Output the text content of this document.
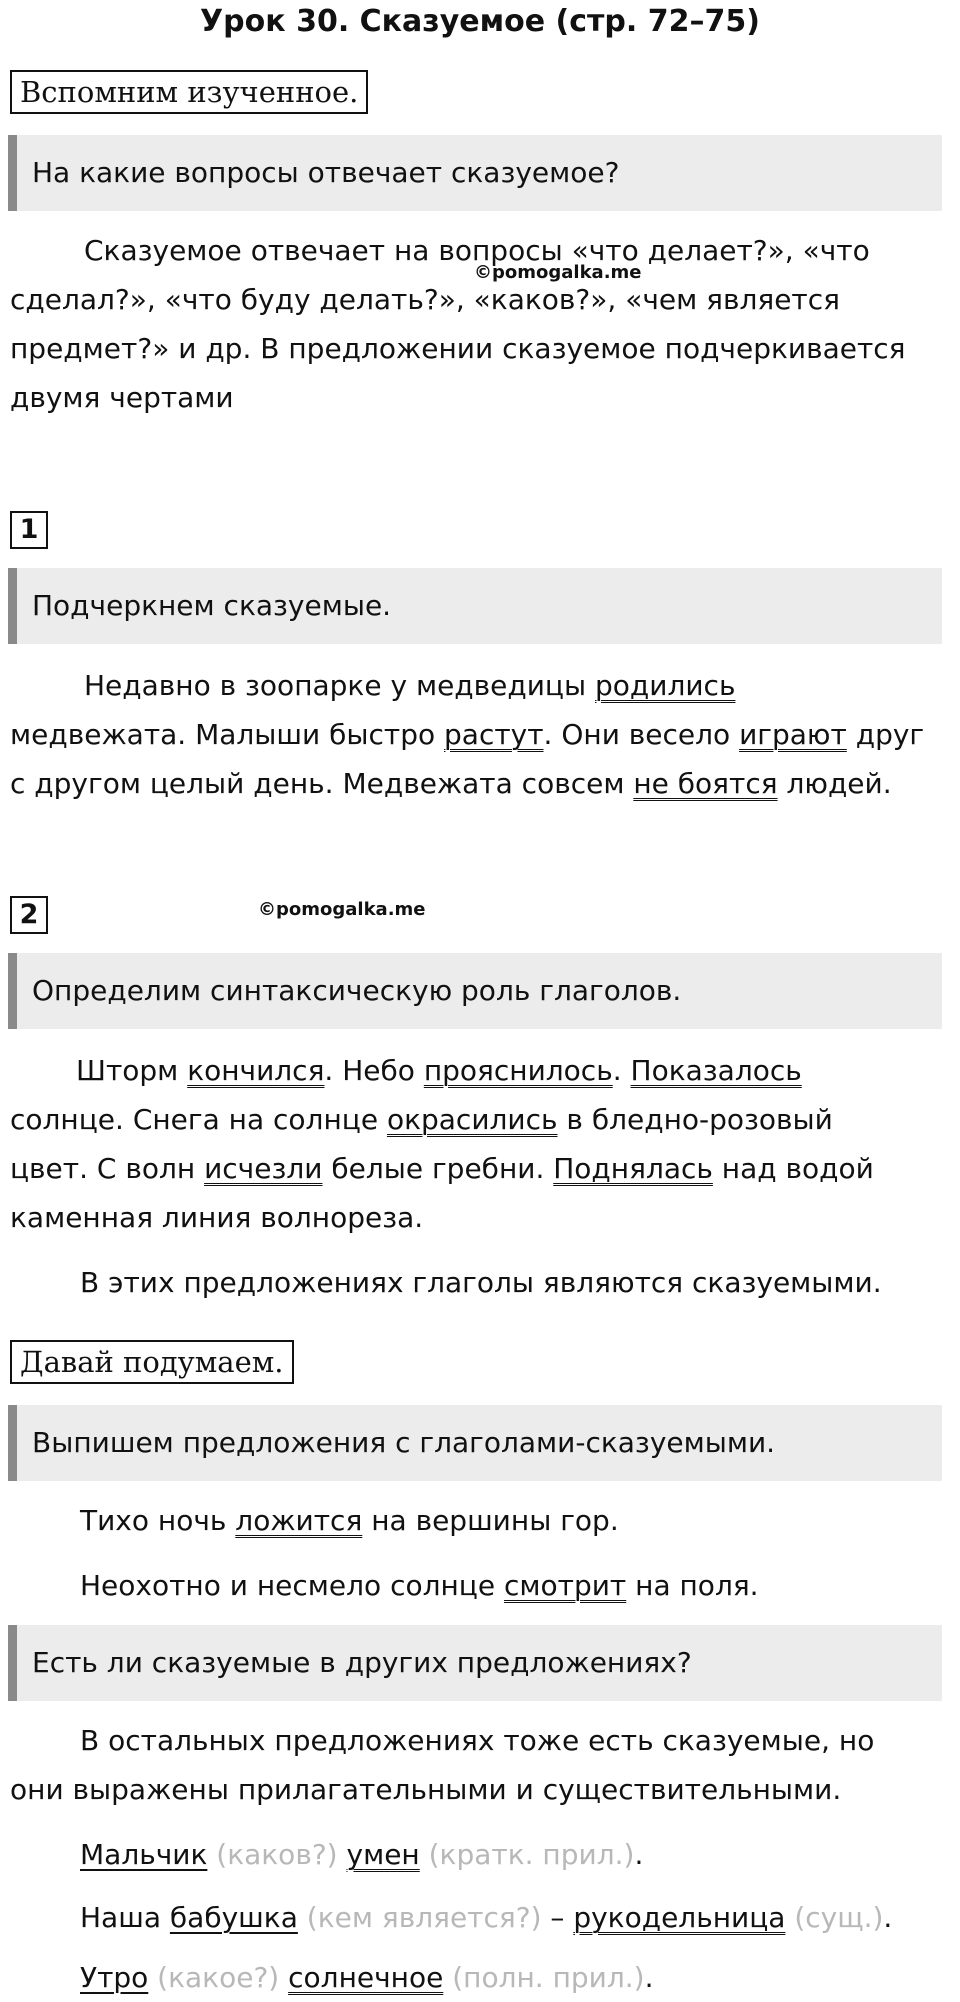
Урок 30. Сказуемое (стр. 72–75)
Вспомним изученное.
На какие вопросы отвечает сказуемое?
©pomogalka.me
Сказуемое отвечает на вопросы «что делает?», «что
сделал?», «что буду делать?», «каков?», «чем является
предмет?» и др. В предложении сказуемое подчеркивается
двумя чертами
1
Подчеркнем сказуемые.
Недавно в зоопарке у медведицы родились
медвежата. Малыши быстро растут. Они весело играют друг
с другом целый день. Медвежата совсем не боятся людей.
2	©pomogalka.me
Определим синтаксическую роль глаголов.
Шторм кончился. Небо прояснилось. Показалось
солнце. Снега на солнце окрасились в бледно-розовый
цвет. С волн исчезли белые гребни. Поднялась над водой
каменная линия волнореза.
В этих предложениях глаголы являются сказуемыми.
Давай подумаем.
Выпишем предложения с глаголами-сказуемыми.
Тихо ночь ложится на вершины гор.
Неохотно и несмело солнце смотрит на поля.
Есть ли сказуемые в других предложениях?
В остальных предложениях тоже есть сказуемые, но
они выражены прилагательными и существительными.
Мальчик (каков?) умен (кратк. прил.).
Наша бабушка (кем является?) – рукодельница (сущ.).
Утро (какое?) солнечное (полн. прил.).
